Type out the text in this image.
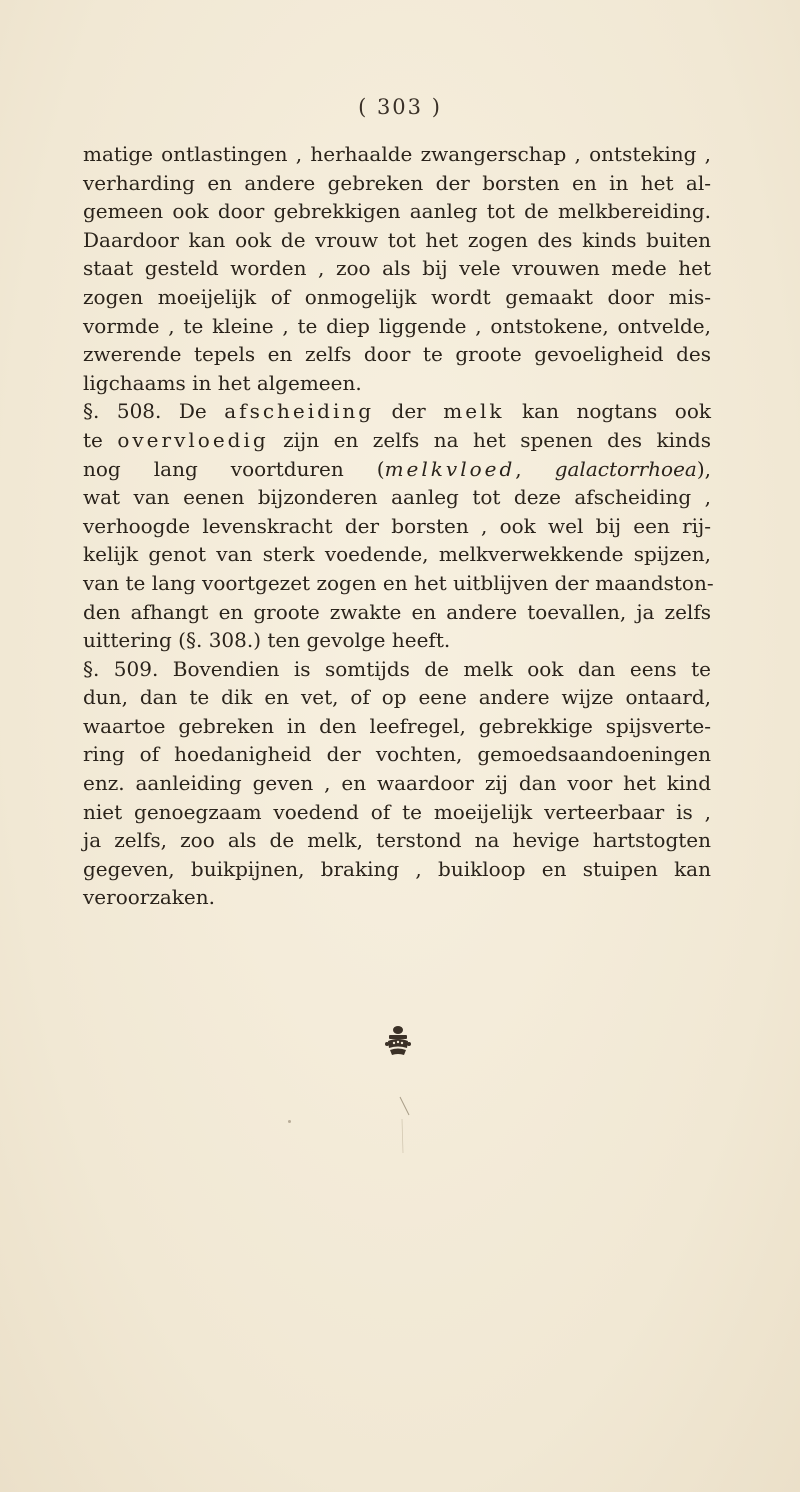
( 303 )
matige ontlastingen , herhaalde zwangerschap , ontsteking ,
verharding en andere gebreken der borsten en in het al-
gemeen ook door gebrekkigen aanleg tot de melkbereiding.
Daardoor kan ook de vrouw tot het zogen des kinds buiten
staat gesteld worden , zoo als bij vele vrouwen mede het
zogen moeijelijk of onmogelijk wordt gemaakt door mis-
vormde , te kleine , te diep liggende , ontstokene, ontvelde,
zwerende tepels en zelfs door te groote gevoeligheid des
ligchaams in het algemeen.
§. 508. De afscheiding der melk kan nogtans ook
te overvloedig zijn en zelfs na het spenen des kinds
nog lang voortduren (melkvloed, galactorrhoea),
wat van eenen bijzonderen aanleg tot deze afscheiding ,
verhoogde levenskracht der borsten , ook wel bij een rij-
kelijk genot van sterk voedende, melkverwekkende spijzen,
van te lang voortgezet zogen en het uitblijven der maandston-
den afhangt en groote zwakte en andere toevallen, ja zelfs
uittering (§. 308.) ten gevolge heeft.
§. 509. Bovendien is somtijds de melk ook dan eens te
dun, dan te dik en vet, of op eene andere wijze ontaard,
waartoe gebreken in den leefregel, gebrekkige spijsverte-
ring of hoedanigheid der vochten, gemoedsaandoeningen
enz. aanleiding geven , en waardoor zij dan voor het kind
niet genoegzaam voedend of te moeijelijk verteerbaar is ,
ja zelfs, zoo als de melk, terstond na hevige hartstogten
gegeven, buikpijnen, braking , buikloop en stuipen kan
veroorzaken.
